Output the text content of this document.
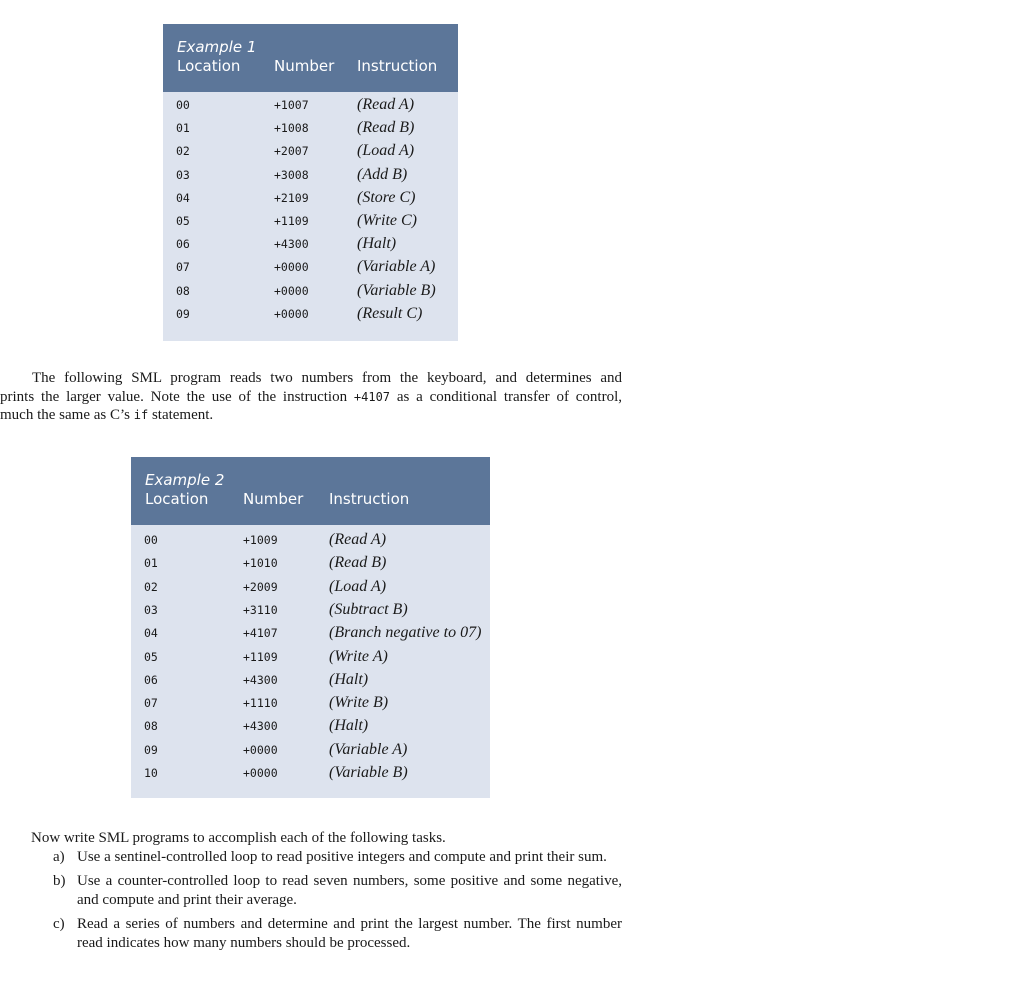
Example 1
Location Number Instruction
00	+1007	(Read A)
01	+1008	(Read B)
02	+2007	(Load A)
03	+3008	(Add B)
04	+2109	(Store C)
05	+1109	(Write C)
06	+4300	(Halt)
07	+0000	(Variable A)
08	+0000	(Variable B)
09	+0000	(Result C)
The following SML program reads two numbers from the keyboard, and determines and
prints the larger value. Note the use of the instruction +4107 as a conditional transfer of control,
much the same as C’s if statement.
Example 2
Location Number Instruction
00	+1009	(Read A)
01	+1010	(Read B)
02	+2009	(Load A)
03	+3110	(Subtract B)
04	+4107	(Branch negative to 07)
05	+1109	(Write A)
06	+4300	(Halt)
07	+1110	(Write B)
08	+4300	(Halt)
09	+0000	(Variable A)
10	+0000	(Variable B)
Now write SML programs to accomplish each of the following tasks.
a) Use a sentinel-controlled loop to read positive integers and compute and print their sum.
b) Use a counter-controlled loop to read seven numbers, some positive and some negative, and compute and print their average.
c) Read a series of numbers and determine and print the largest number. The first number read indicates how many numbers should be processed.
